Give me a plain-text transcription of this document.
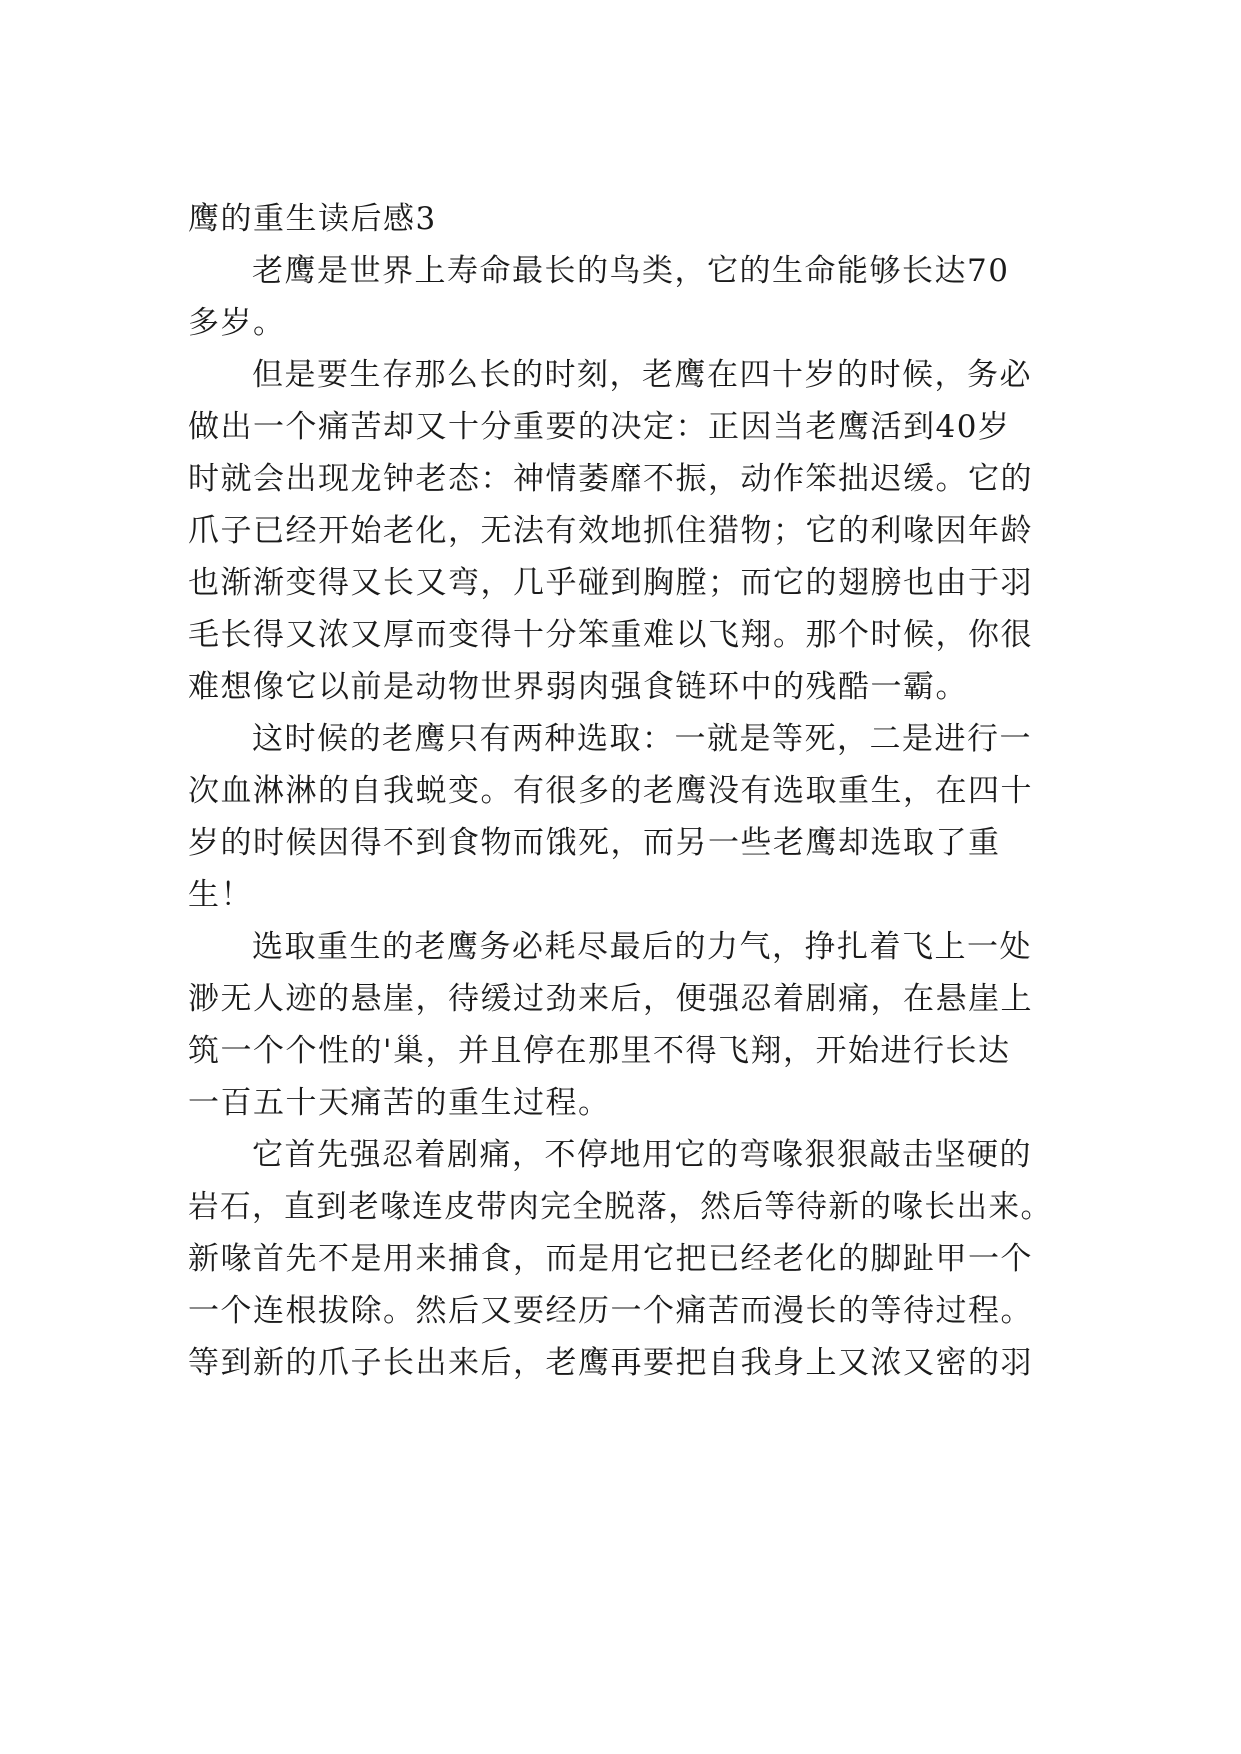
鹰的重生读后感3
老鹰是世界上寿命最长的鸟类，它的生命能够长达70
多岁。
但是要生存那么长的时刻，老鹰在四十岁的时候，务必
做出一个痛苦却又十分重要的决定：正因当老鹰活到40岁
时就会出现龙钟老态：神情萎靡不振，动作笨拙迟缓。它的
爪子已经开始老化，无法有效地抓住猎物；它的利喙因年龄
也渐渐变得又长又弯，几乎碰到胸膛；而它的翅膀也由于羽
毛长得又浓又厚而变得十分笨重难以飞翔。那个时候，你很
难想像它以前是动物世界弱肉强食链环中的残酷一霸。
这时候的老鹰只有两种选取：一就是等死，二是进行一
次血淋淋的自我蜕变。有很多的老鹰没有选取重生，在四十
岁的时候因得不到食物而饿死，而另一些老鹰却选取了重
生！
选取重生的老鹰务必耗尽最后的力气，挣扎着飞上一处
渺无人迹的悬崖，待缓过劲来后，便强忍着剧痛，在悬崖上
筑一个个性的'巢，并且停在那里不得飞翔，开始进行长达
一百五十天痛苦的重生过程。
它首先强忍着剧痛，不停地用它的弯喙狠狠敲击坚硬的
岩石，直到老喙连皮带肉完全脱落，然后等待新的喙长出来。
新喙首先不是用来捕食，而是用它把已经老化的脚趾甲一个
一个连根拔除。然后又要经历一个痛苦而漫长的等待过程。
等到新的爪子长出来后，老鹰再要把自我身上又浓又密的羽
